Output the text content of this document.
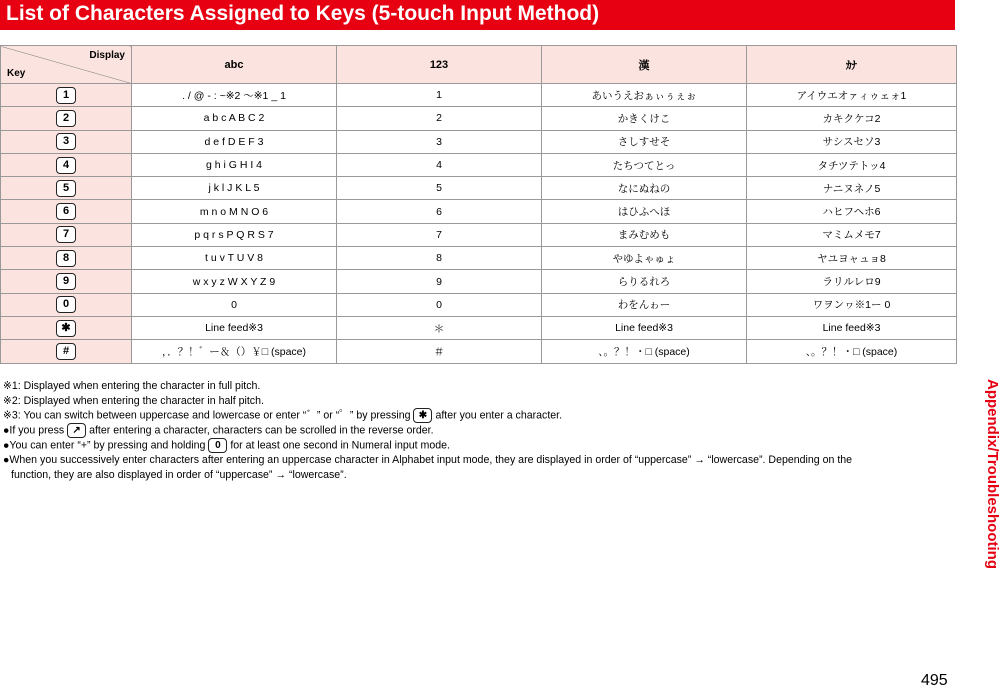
List of Characters Assigned to Keys (5-touch Input Method)
Appendix/Troubleshooting
Display
Key	abc	123	漢	ｶﾅ
1	. / @ - : ~※2 ～※1 _ 1	1	あいうえおぁぃぅぇぉ	アイウエオァィゥェォ1
2	a b c A B C 2	2	かきくけこ	カキクケコ2
3	d e f D E F 3	3	さしすせそ	サシスセソ3
4	g h i G H I 4	4	たちつてとっ	タチツテトッ4
5	j k l J K L 5	5	なにぬねの	ナニヌネノ5
6	m n o M N O 6	6	はひふへほ	ハヒフヘホ6
7	p q r s P Q R S 7	7	まみむめも	マミムメモ7
8	t u v T U V 8	8	やゆよゃゅょ	ヤユヨャュョ8
9	w x y z W X Y Z 9	9	らりるれろ	ラリルレロ9
0	0	0	わをんゎー	ワヲンヮ※1ー 0
✱	Line feed※3	＊	Line feed※3	Line feed※3
#	，．？！゛ー＆（）￥□ (space)	＃	、。？！・□ (space)	、。？！・□ (space)

※1: Displayed when entering the character in full pitch.

※2: Displayed when entering the character in half pitch.

※3: You can switch between uppercase and lowercase or enter “゛” or “゜” by pressing ✱ after you enter a character.

●If you press ↗ after entering a character, characters can be scrolled in the reverse order.

●You can enter “+” by pressing and holding 0 for at least one second in Numeral input mode.

●When you successively enter characters after entering an uppercase character in Alphabet input mode, they are displayed in order of “uppercase” → “lowercase”. Depending on the

function, they are also displayed in order of “uppercase” → “lowercase”.

495
